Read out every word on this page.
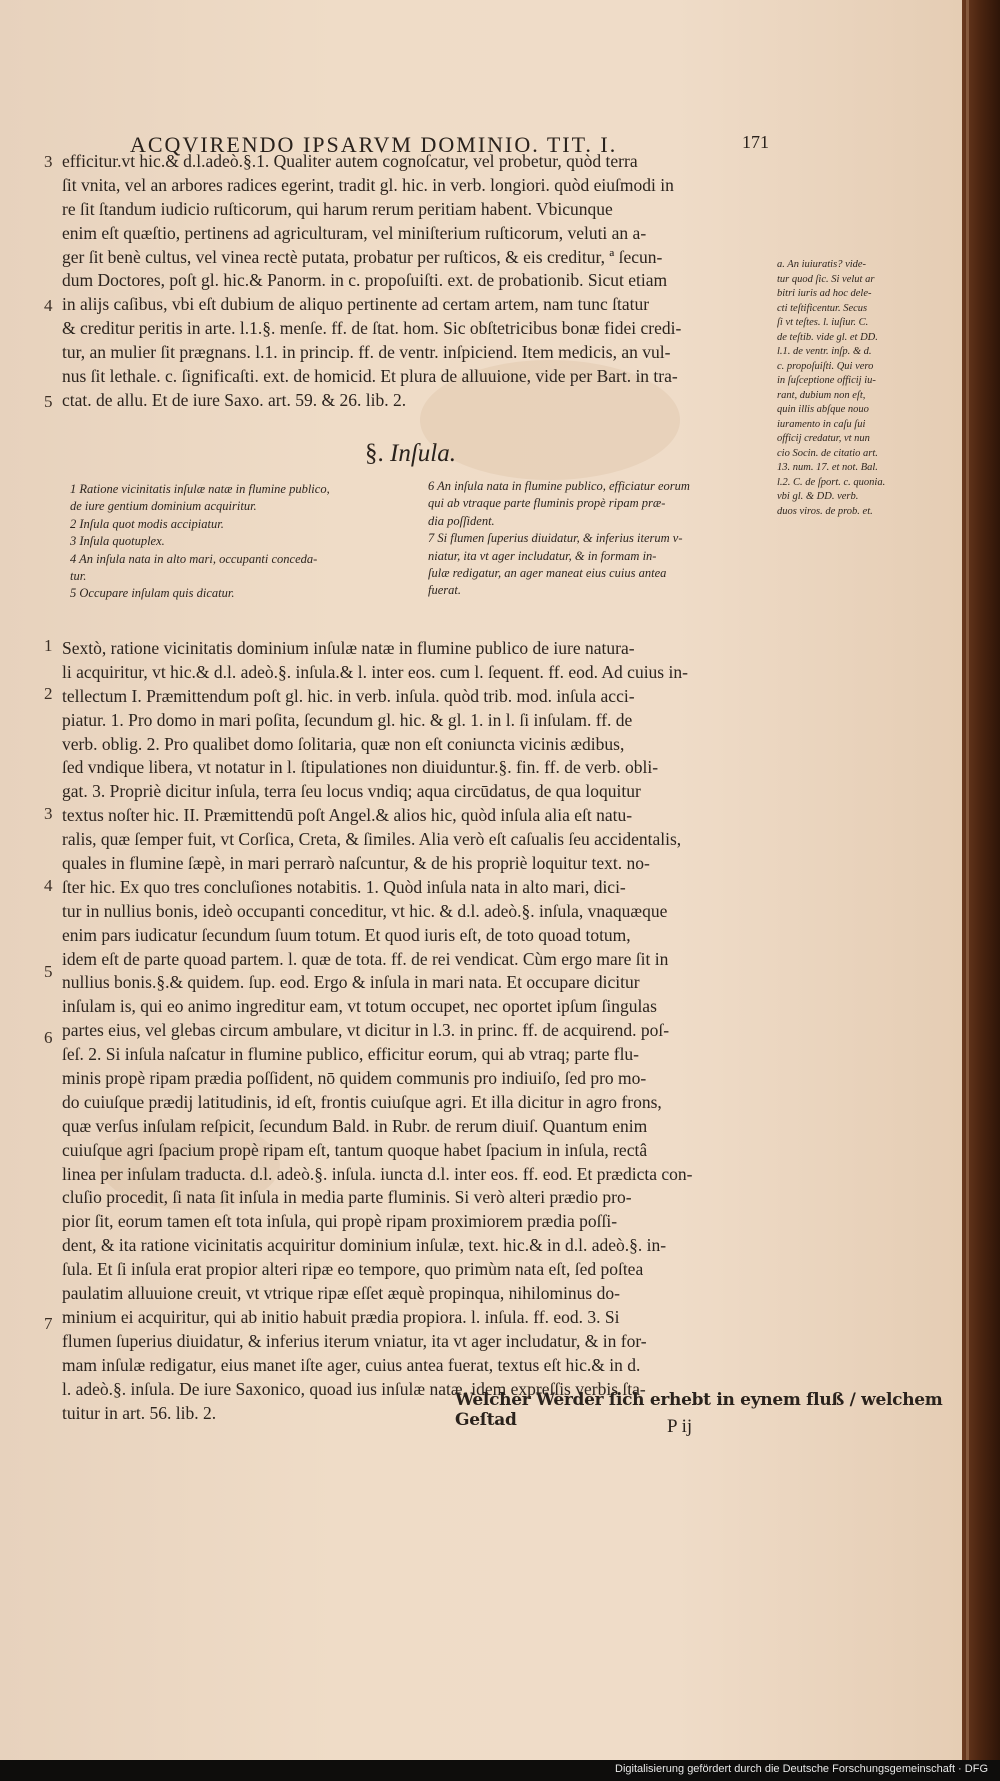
ACQVIRENDO IPSARVM DOMINIO. TIT. I.	171
3
4
5
efficitur.vt hic.& d.l.adeò.§.1. Qualiter autem cognoſcatur, vel probetur, quòd terra
ſit vnita, vel an arbores radices egerint, tradit gl. hic. in verb. longiori. quòd eiuſmodi in
re ſit ſtandum iudicio ruſticorum, qui harum rerum peritiam habent. Vbicunque
enim eſt quæſtio, pertinens ad agriculturam, vel miniſterium ruſticorum, veluti an a-
ger ſit benè cultus, vel vinea rectè putata, probatur per ruſticos, & eis creditur, ª ſecun-
dum Doctores, poſt gl. hic.& Panorm. in c. propoſuiſti. ext. de probationib. Sicut etiam
in alijs caſibus, vbi eſt dubium de aliquo pertinente ad certam artem, nam tunc ſtatur
& creditur peritis in arte. l.1.§. menſe. ff. de ſtat. hom. Sic obſtetricibus bonæ fidei credi-
tur, an mulier ſit prægnans. l.1. in princip. ff. de ventr. inſpiciend. Item medicis, an vul-
nus ſit lethale. c. ſignificaſti. ext. de homicid. Et plura de alluuione, vide per Bart. in tra-
ctat. de allu. Et de iure Saxo. art. 59. & 26. lib. 2.
a. An iuiuratis? vide-
tur quod ſic. Si velut ar
bitri iuris ad hoc dele-
cti teſtificentur. Secus
ſi vt teſtes. l. iuſiur. C.
de teſtib. vide gl. et DD.
l.1. de ventr. inſp. & d.
c. propoſuiſti. Qui vero
in ſuſceptione officij iu-
rant, dubium non eſt,
quin illis abſque nouo
iuramento in caſu ſui
officij credatur, vt nun
cio Socin. de citatio art.
13. num. 17. et not. Bal.
l.2. C. de ſport. c. quonia.
vbi gl. & DD. verb.
duos viros. de prob. et.
§. Inſula.
1 Ratione vicinitatis inſulæ natæ in flumine publico,
de iure gentium dominium acquiritur.
2 Inſula quot modis accipiatur.
3 Inſula quotuplex.
4 An inſula nata in alto mari, occupanti conceda-
tur.
5 Occupare inſulam quis dicatur.
6 An inſula nata in flumine publico, efficiatur eorum
qui ab vtraque parte fluminis propè ripam præ-
dia poſſident.
7 Si flumen ſuperius diuidatur, & inferius iterum v-
niatur, ita vt ager includatur, & in formam in-
ſulæ redigatur, an ager maneat eius cuius antea
fuerat.
1
2
3
4
5
6
7
Sextò, ratione vicinitatis dominium inſulæ natæ in flumine publico de iure natura-
li acquiritur, vt hic.& d.l. adeò.§. inſula.& l. inter eos. cum l. ſequent. ff. eod. Ad cuius in-
tellectum I. Præmittendum poſt gl. hic. in verb. inſula. quòd trib. mod. inſula acci-
piatur. 1. Pro domo in mari poſita, ſecundum gl. hic. & gl. 1. in l. ſi inſulam. ff. de
verb. oblig. 2. Pro qualibet domo ſolitaria, quæ non eſt coniuncta vicinis ædibus,
ſed vndique libera, vt notatur in l. ſtipulationes non diuiduntur.§. fin. ff. de verb. obli-
gat. 3. Propriè dicitur inſula, terra ſeu locus vndiq; aqua circūdatus, de qua loquitur
textus noſter hic. II. Præmittendū poſt Angel.& alios hic, quòd inſula alia eſt natu-
ralis, quæ ſemper fuit, vt Corſica, Creta, & ſimiles. Alia verò eſt caſualis ſeu accidentalis,
quales in flumine ſæpè, in mari perrarò naſcuntur, & de his propriè loquitur text. no-
ſter hic. Ex quo tres concluſiones notabitis. 1. Quòd inſula nata in alto mari, dici-
tur in nullius bonis, ideò occupanti conceditur, vt hic. & d.l. adeò.§. inſula, vnaquæque
enim pars iudicatur ſecundum ſuum totum. Et quod iuris eſt, de toto quoad totum,
idem eſt de parte quoad partem. l. quæ de tota. ff. de rei vendicat. Cùm ergo mare ſit in
nullius bonis.§.& quidem. ſup. eod. Ergo & inſula in mari nata. Et occupare dicitur
inſulam is, qui eo animo ingreditur eam, vt totum occupet, nec oportet ipſum ſingulas
partes eius, vel glebas circum ambulare, vt dicitur in l.3. in princ. ff. de acquirend. poſ-
ſeſ. 2. Si inſula naſcatur in flumine publico, efficitur eorum, qui ab vtraq; parte flu-
minis propè ripam prædia poſſident, nō quidem communis pro indiuiſo, ſed pro mo-
do cuiuſque prædij latitudinis, id eſt, frontis cuiuſque agri. Et illa dicitur in agro frons,
quæ verſus inſulam reſpicit, ſecundum Bald. in Rubr. de rerum diuiſ. Quantum enim
cuiuſque agri ſpacium propè ripam eſt, tantum quoque habet ſpacium in inſula, rectâ
linea per inſulam traducta. d.l. adeò.§. inſula. iuncta d.l. inter eos. ff. eod. Et prædicta con-
cluſio procedit, ſi nata ſit inſula in media parte fluminis. Si verò alteri prædio pro-
pior ſit, eorum tamen eſt tota inſula, qui propè ripam proximiorem prædia poſſi-
dent, & ita ratione vicinitatis acquiritur dominium inſulæ, text. hic.& in d.l. adeò.§. in-
ſula. Et ſi inſula erat propior alteri ripæ eo tempore, quo primùm nata eſt, ſed poſtea
paulatim alluuione creuit, vt vtrique ripæ eſſet æquè propinqua, nihilominus do-
minium ei acquiritur, qui ab initio habuit prædia propiora. l. inſula. ff. eod. 3. Si
flumen ſuperius diuidatur, & inferius iterum vniatur, ita vt ager includatur, & in for-
mam inſulæ redigatur, eius manet iſte ager, cuius antea fuerat, textus eſt hic.& in d.
l. adeò.§. inſula. De iure Saxonico, quoad ius inſulæ natæ, idem expreſſis verbis ſta-
tuitur in art. 56. lib. 2.
Welcher Werder ſich erhebt in eynem fluß / welchem Geſtad	P ij
Digitalisierung gefördert durch die Deutsche Forschungsgemeinschaft · DFG
